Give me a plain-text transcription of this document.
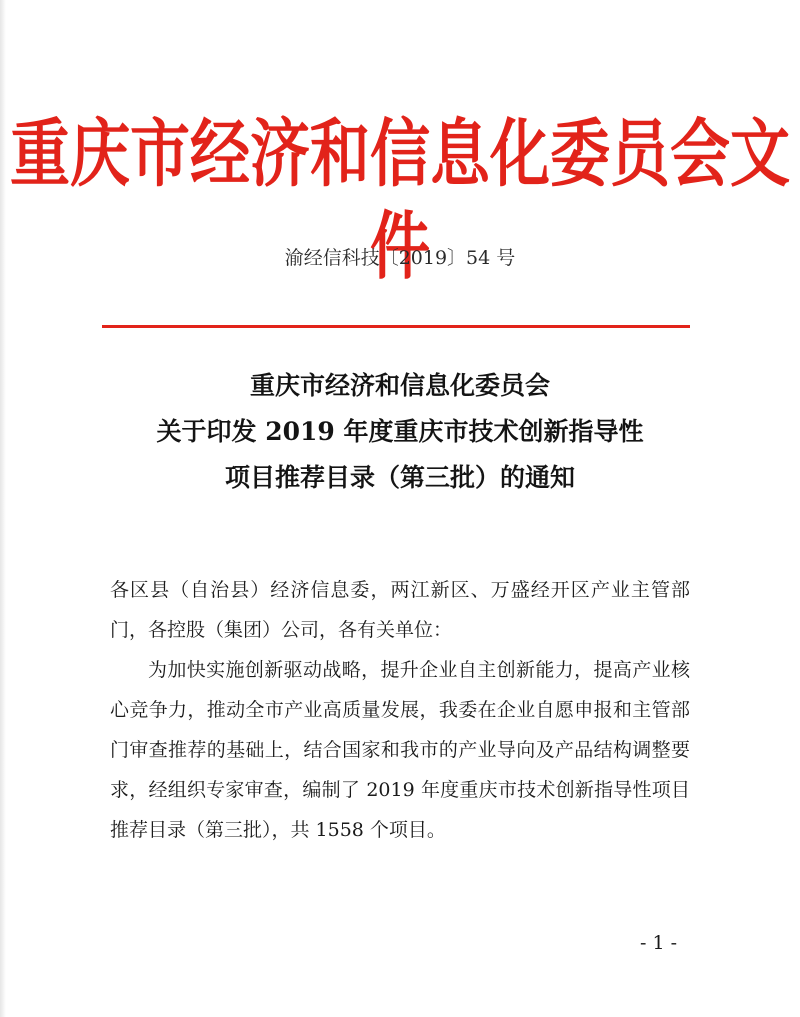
重庆市经济和信息化委员会文件
渝经信科技〔2019〕54 号
重庆市经济和信息化委员会
关于印发 2019 年度重庆市技术创新指导性
项目推荐目录（第三批）的通知

各区县（自治县）经济信息委，两江新区、万盛经开区产业主管部门，各控股（集团）公司，各有关单位：

为加快实施创新驱动战略，提升企业自主创新能力，提高产业核心竞争力，推动全市产业高质量发展，我委在企业自愿申报和主管部门审查推荐的基础上，结合国家和我市的产业导向及产品结构调整要求，经组织专家审查，编制了 2019 年度重庆市技术创新指导性项目推荐目录（第三批），共 1558 个项目。

- 1 -
